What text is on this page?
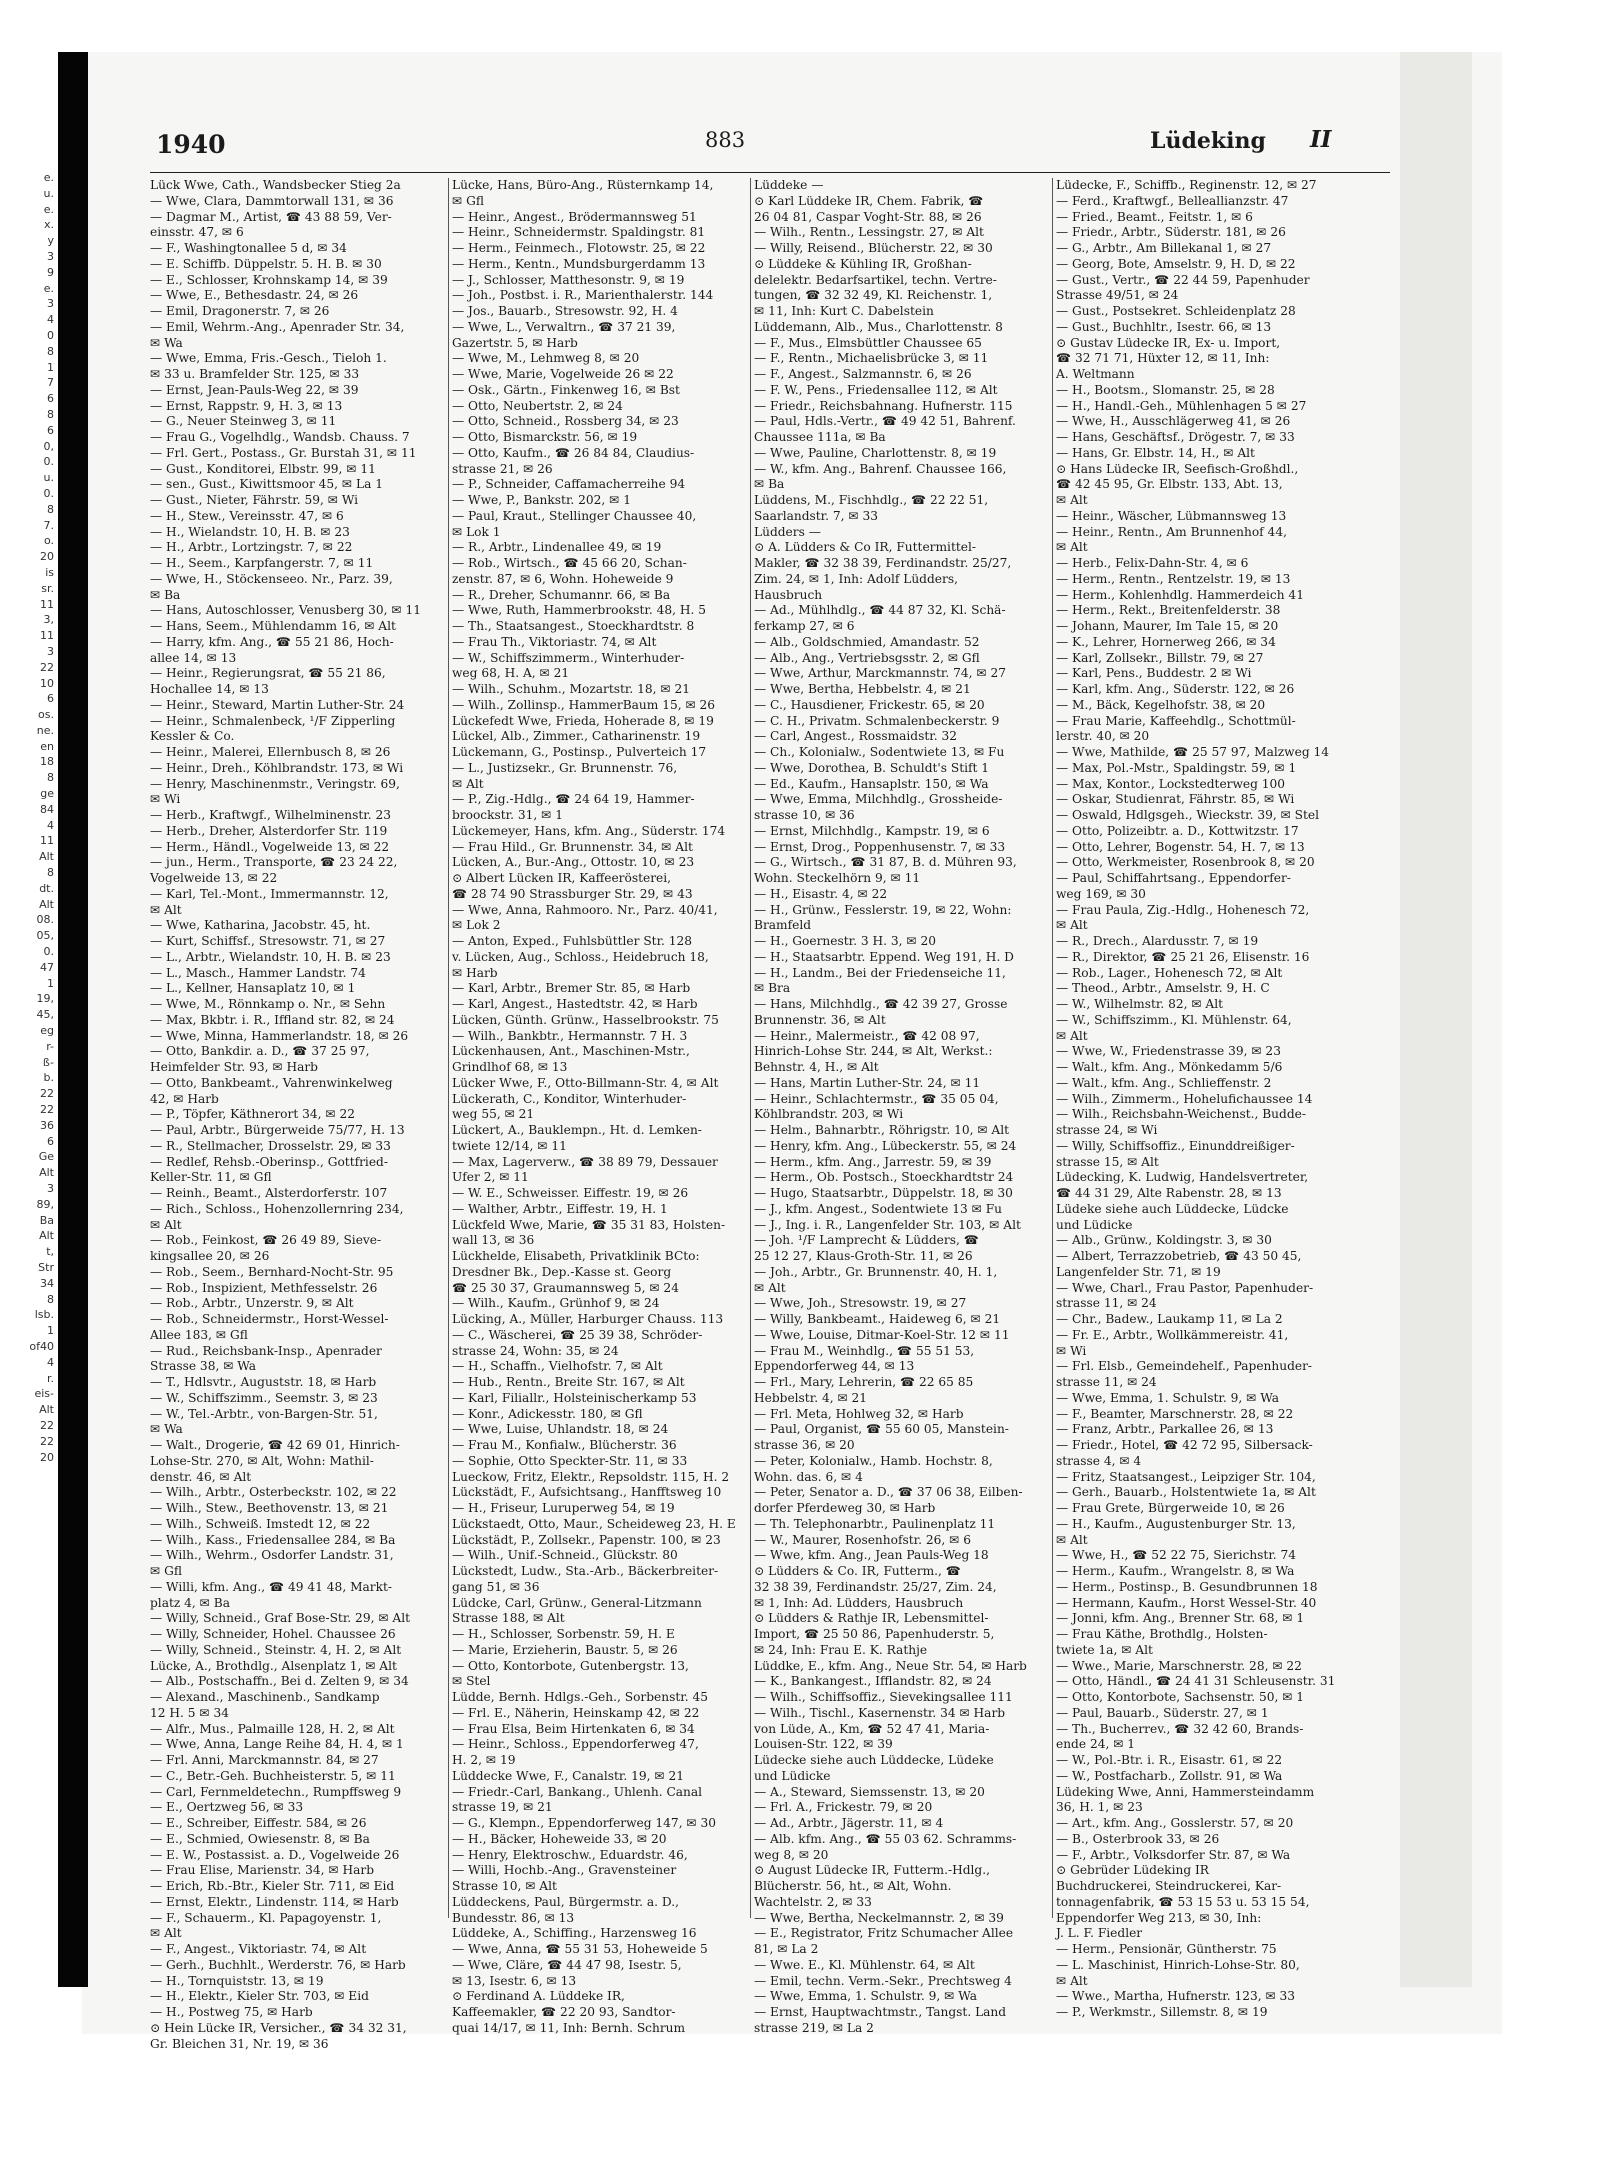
e.
u.
e.
x.
y
3
9
e.
3
4
0
8
1
7
6
8
6
0,
0.
u.
0.
8
7.
o.
20
is
sr.
11
3,
11
3
22
10
6
os.
ne.
en
18
8
ge
84
4
11
Alt
8
dt.
Alt
08.
05,
0.
47
1
19,
45,
eg
r-
ß-
b.
22
22
36
6
Ge
Alt
3
89,
Ba
Alt
t,
Str
34
8
lsb.
1
of40
4
r.
eis-
Alt
22
22
20
1940	883	Lüdeking II
Lück Wwe, Cath., Wandsbecker Stieg 2a
— Wwe, Clara, Dammtorwall 131, ✉ 36
— Dagmar M., Artist, ☎ 43 88 59, Ver-
einsstr. 47, ✉ 6
— F., Washingtonallee 5 d, ✉ 34
— E. Schiffb. Düppelstr. 5. H. B. ✉ 30
— E., Schlosser, Krohnskamp 14, ✉ 39
— Wwe, E., Bethesdastr. 24, ✉ 26
— Emil, Dragonerstr. 7, ✉ 26
— Emil, Wehrm.-Ang., Apenrader Str. 34,
✉ Wa
— Wwe, Emma, Fris.-Gesch., Tieloh 1.
✉ 33 u. Bramfelder Str. 125, ✉ 33
— Ernst, Jean-Pauls-Weg 22, ✉ 39
— Ernst, Rappstr. 9, H. 3, ✉ 13
— G., Neuer Steinweg 3, ✉ 11
— Frau G., Vogelhdlg., Wandsb. Chauss. 7
— Frl. Gert., Postass., Gr. Burstah 31, ✉ 11
— Gust., Konditorei, Elbstr. 99, ✉ 11
— sen., Gust., Kiwittsmoor 45, ✉ La 1
— Gust., Nieter, Fährstr. 59, ✉ Wi
— H., Stew., Vereinsstr. 47, ✉ 6
— H., Wielandstr. 10, H. B. ✉ 23
— H., Arbtr., Lortzingstr. 7, ✉ 22
— H., Seem., Karpfangerstr. 7, ✉ 11
— Wwe, H., Stöckenseeo. Nr., Parz. 39,
✉ Ba
— Hans, Autoschlosser, Venusberg 30, ✉ 11
— Hans, Seem., Mühlendamm 16, ✉ Alt
— Harry, kfm. Ang., ☎ 55 21 86, Hoch-
allee 14, ✉ 13
— Heinr., Regierungsrat, ☎ 55 21 86,
Hochallee 14, ✉ 13
— Heinr., Steward, Martin Luther-Str. 24
— Heinr., Schmalenbeck, ¹/F Zipperling
Kessler & Co.
— Heinr., Malerei, Ellernbusch 8, ✉ 26
— Heinr., Dreh., Köhlbrandstr. 173, ✉ Wi
— Henry, Maschinenmstr., Veringstr. 69,
✉ Wi
— Herb., Kraftwgf., Wilhelminenstr. 23
— Herb., Dreher, Alsterdorfer Str. 119
— Herm., Händl., Vogelweide 13, ✉ 22
— jun., Herm., Transporte, ☎ 23 24 22,
Vogelweide 13, ✉ 22
— Karl, Tel.-Mont., Immermannstr. 12,
✉ Alt
— Wwe, Katharina, Jacobstr. 45, ht.
— Kurt, Schiffsf., Stresowstr. 71, ✉ 27
— L., Arbtr., Wielandstr. 10, H. B. ✉ 23
— L., Masch., Hammer Landstr. 74
— L., Kellner, Hansaplatz 10, ✉ 1
— Wwe, M., Rönnkamp o. Nr., ✉ Sehn
— Max, Bkbtr. i. R., Iffland str. 82, ✉ 24
— Wwe, Minna, Hammerlandstr. 18, ✉ 26
— Otto, Bankdir. a. D., ☎ 37 25 97,
Heimfelder Str. 93, ✉ Harb
— Otto, Bankbeamt., Vahrenwinkelweg
42, ✉ Harb
— P., Töpfer, Käthnerort 34, ✉ 22
— Paul, Arbtr., Bürgerweide 75/77, H. 13
— R., Stellmacher, Drosselstr. 29, ✉ 33
— Redlef, Rehsb.-Oberinsp., Gottfried-
Keller-Str. 11, ✉ Gfl
— Reinh., Beamt., Alsterdorferstr. 107
— Rich., Schloss., Hohenzollernring 234,
✉ Alt
— Rob., Feinkost, ☎ 26 49 89, Sieve-
kingsallee 20, ✉ 26
— Rob., Seem., Bernhard-Nocht-Str. 95
— Rob., Inspizient, Methfesselstr. 26
— Rob., Arbtr., Unzerstr. 9, ✉ Alt
— Rob., Schneidermstr., Horst-Wessel-
Allee 183, ✉ Gfl
— Rud., Reichsbank-Insp., Apenrader
Strasse 38, ✉ Wa
— T., Hdlsvtr., Auguststr. 18, ✉ Harb
— W., Schiffszimm., Seemstr. 3, ✉ 23
— W., Tel.-Arbtr., von-Bargen-Str. 51,
✉ Wa
— Walt., Drogerie, ☎ 42 69 01, Hinrich-
Lohse-Str. 270, ✉ Alt, Wohn: Mathil-
denstr. 46, ✉ Alt
— Wilh., Arbtr., Osterbeckstr. 102, ✉ 22
— Wilh., Stew., Beethovenstr. 13, ✉ 21
— Wilh., Schweiß. Imstedt 12, ✉ 22
— Wilh., Kass., Friedensallee 284, ✉ Ba
— Wilh., Wehrm., Osdorfer Landstr. 31,
✉ Gfl
— Willi, kfm. Ang., ☎ 49 41 48, Markt-
platz 4, ✉ Ba
— Willy, Schneid., Graf Bose-Str. 29, ✉ Alt
— Willy, Schneider, Hohel. Chaussee 26
— Willy, Schneid., Steinstr. 4, H. 2, ✉ Alt
Lücke, A., Brothdlg., Alsenplatz 1, ✉ Alt
— Alb., Postschaffn., Bei d. Zelten 9, ✉ 34
— Alexand., Maschinenb., Sandkamp
12 H. 5 ✉ 34
— Alfr., Mus., Palmaille 128, H. 2, ✉ Alt
— Wwe, Anna, Lange Reihe 84, H. 4, ✉ 1
— Frl. Anni, Marckmannstr. 84, ✉ 27
— C., Betr.-Geh. Buchheisterstr. 5, ✉ 11
— Carl, Fernmeldetechn., Rumpffsweg 9
— E., Oertzweg 56, ✉ 33
— E., Schreiber, Eiffestr. 584, ✉ 26
— E., Schmied, Owiesenstr. 8, ✉ Ba
— E. W., Postassist. a. D., Vogelweide 26
— Frau Elise, Marienstr. 34, ✉ Harb
— Erich, Rb.-Btr., Kieler Str. 711, ✉ Eid
— Ernst, Elektr., Lindenstr. 114, ✉ Harb
— F., Schauerm., Kl. Papagoyenstr. 1,
✉ Alt
— F., Angest., Viktoriastr. 74, ✉ Alt
— Gerh., Buchhlt., Werderstr. 76, ✉ Harb
— H., Tornquiststr. 13, ✉ 19
— H., Elektr., Kieler Str. 703, ✉ Eid
— H., Postweg 75, ✉ Harb
⊙ Hein Lücke IR, Versicher., ☎ 34 32 31,
Gr. Bleichen 31, Nr. 19, ✉ 36
Lücke, Hans, Büro-Ang., Rüsternkamp 14,
✉ Gfl
— Heinr., Angest., Brödermannsweg 51
— Heinr., Schneidermstr. Spaldingstr. 81
— Herm., Feinmech., Flotowstr. 25, ✉ 22
— Herm., Kentn., Mundsburgerdamm 13
— J., Schlosser, Matthesonstr. 9, ✉ 19
— Joh., Postbst. i. R., Marienthalerstr. 144
— Jos., Bauarb., Stresowstr. 92, H. 4
— Wwe, L., Verwaltrn., ☎ 37 21 39,
Gazertstr. 5, ✉ Harb
— Wwe, M., Lehmweg 8, ✉ 20
— Wwe, Marie, Vogelweide 26 ✉ 22
— Osk., Gärtn., Finkenweg 16, ✉ Bst
— Otto, Neubertstr. 2, ✉ 24
— Otto, Schneid., Rossberg 34, ✉ 23
— Otto, Bismarckstr. 56, ✉ 19
— Otto, Kaufm., ☎ 26 84 84, Claudius-
strasse 21, ✉ 26
— P., Schneider, Caffamacherreihe 94
— Wwe, P., Bankstr. 202, ✉ 1
— Paul, Kraut., Stellinger Chaussee 40,
✉ Lok 1
— R., Arbtr., Lindenallee 49, ✉ 19
— Rob., Wirtsch., ☎ 45 66 20, Schan-
zenstr. 87, ✉ 6, Wohn. Hoheweide 9
— R., Dreher, Schumannr. 66, ✉ Ba
— Wwe, Ruth, Hammerbrookstr. 48, H. 5
— Th., Staatsangest., Stoeckhardtstr. 8
— Frau Th., Viktoriastr. 74, ✉ Alt
— W., Schiffszimmerm., Winterhuder-
weg 68, H. A, ✉ 21
— Wilh., Schuhm., Mozartstr. 18, ✉ 21
— Wilh., Zollinsp., HammerBaum 15, ✉ 26
Lückefedt Wwe, Frieda, Hoherade 8, ✉ 19
Lückel, Alb., Zimmer., Catharinenstr. 19
Lückemann, G., Postinsp., Pulverteich 17
— L., Justizsekr., Gr. Brunnenstr. 76,
✉ Alt
— P., Zig.-Hdlg., ☎ 24 64 19, Hammer-
broockstr. 31, ✉ 1
Lückemeyer, Hans, kfm. Ang., Süderstr. 174
— Frau Hild., Gr. Brunnenstr. 34, ✉ Alt
Lücken, A., Bur.-Ang., Ottostr. 10, ✉ 23
⊙ Albert Lücken IR, Kaffeerösterei,
☎ 28 74 90 Strassburger Str. 29, ✉ 43
— Wwe, Anna, Rahmooro. Nr., Parz. 40/41,
✉ Lok 2
— Anton, Exped., Fuhlsbüttler Str. 128
v. Lücken, Aug., Schloss., Heidebruch 18,
✉ Harb
— Karl, Arbtr., Bremer Str. 85, ✉ Harb
— Karl, Angest., Hastedtstr. 42, ✉ Harb
Lücken, Günth. Grünw., Hasselbrookstr. 75
— Wilh., Bankbtr., Hermannstr. 7 H. 3
Lückenhausen, Ant., Maschinen-Mstr.,
Grindlhof 68, ✉ 13
Lücker Wwe, F., Otto-Billmann-Str. 4, ✉ Alt
Lückerath, C., Konditor, Winterhuder-
weg 55, ✉ 21
Lückert, A., Bauklempn., Ht. d. Lemken-
twiete 12/14, ✉ 11
— Max, Lagerverw., ☎ 38 89 79, Dessauer
Ufer 2, ✉ 11
— W. E., Schweisser. Eiffestr. 19, ✉ 26
— Walther, Arbtr., Eiffestr. 19, H. 1
Lückfeld Wwe, Marie, ☎ 35 31 83, Holsten-
wall 13, ✉ 36
Lückhelde, Elisabeth, Privatklinik BCto:
Dresdner Bk., Dep.-Kasse st. Georg
☎ 25 30 37, Graumannsweg 5, ✉ 24
— Wilh., Kaufm., Grünhof 9, ✉ 24
Lücking, A., Müller, Harburger Chauss. 113
— C., Wäscherei, ☎ 25 39 38, Schröder-
strasse 24, Wohn: 35, ✉ 24
— H., Schaffn., Vielhofstr. 7, ✉ Alt
— Hub., Rentn., Breite Str. 167, ✉ Alt
— Karl, Filiallr., Holsteinischerkamp 53
— Konr., Adickesstr. 180, ✉ Gfl
— Wwe, Luise, Uhlandstr. 18, ✉ 24
— Frau M., Konfialw., Blücherstr. 36
— Sophie, Otto Speckter-Str. 11, ✉ 33
Lueckow, Fritz, Elektr., Repsoldstr. 115, H. 2
Lückstädt, F., Aufsichtsang., Hanfftsweg 10
— H., Friseur, Luruperweg 54, ✉ 19
Lückstaedt, Otto, Maur., Scheideweg 23, H. E
Lückstädt, P., Zollsekr., Papenstr. 100, ✉ 23
— Wilh., Unif.-Schneid., Glückstr. 80
Lückstedt, Ludw., Sta.-Arb., Bäckerbreiter-
gang 51, ✉ 36
Lüdcke, Carl, Grünw., General-Litzmann
Strasse 188, ✉ Alt
— H., Schlosser, Sorbenstr. 59, H. E
— Marie, Erzieherin, Baustr. 5, ✉ 26
— Otto, Kontorbote, Gutenbergstr. 13,
✉ Stel
Lüdde, Bernh. Hdlgs.-Geh., Sorbenstr. 45
— Frl. E., Näherin, Heinskamp 42, ✉ 22
— Frau Elsa, Beim Hirtenkaten 6, ✉ 34
— Heinr., Schloss., Eppendorferweg 47,
H. 2, ✉ 19
Lüddecke Wwe, F., Canalstr. 19, ✉ 21
— Friedr.-Carl, Bankang., Uhlenh. Canal
strasse 19, ✉ 21
— G., Klempn., Eppendorferweg 147, ✉ 30
— H., Bäcker, Hoheweide 33, ✉ 20
— Henry, Elektroschw., Eduardstr. 46,
— Willi, Hochb.-Ang., Gravensteiner
Strasse 10, ✉ Alt
Lüddeckens, Paul, Bürgermstr. a. D.,
Bundesstr. 86, ✉ 13
Lüddeke, A., Schiffing., Harzensweg 16
— Wwe, Anna, ☎ 55 31 53, Hoheweide 5
— Wwe, Cläre, ☎ 44 47 98, Isestr. 5,
✉ 13, Isestr. 6, ✉ 13
⊙ Ferdinand A. Lüddeke IR,
Kaffeemakler, ☎ 22 20 93, Sandtor-
quai 14/17, ✉ 11, Inh: Bernh. Schrum
Lüddeke —
⊙ Karl Lüddeke IR, Chem. Fabrik, ☎
26 04 81, Caspar Voght-Str. 88, ✉ 26
— Wilh., Rentn., Lessingstr. 27, ✉ Alt
— Willy, Reisend., Blücherstr. 22, ✉ 30
⊙ Lüddeke & Kühling IR, Großhan-
delelektr. Bedarfsartikel, techn. Vertre-
tungen, ☎ 32 32 49, Kl. Reichenstr. 1,
✉ 11, Inh: Kurt C. Dabelstein
Lüddemann, Alb., Mus., Charlottenstr. 8
— F., Mus., Elmsbüttler Chaussee 65
— F., Rentn., Michaelisbrücke 3, ✉ 11
— F., Angest., Salzmannstr. 6, ✉ 26
— F. W., Pens., Friedensallee 112, ✉ Alt
— Friedr., Reichsbahnang. Hufnerstr. 115
— Paul, Hdls.-Vertr., ☎ 49 42 51, Bahrenf.
Chaussee 111a, ✉ Ba
— Wwe, Pauline, Charlottenstr. 8, ✉ 19
— W., kfm. Ang., Bahrenf. Chaussee 166,
✉ Ba
Lüddens, M., Fischhdlg., ☎ 22 22 51,
Saarlandstr. 7, ✉ 33
Lüdders —
⊙ A. Lüdders & Co IR, Futtermittel-
Makler, ☎ 32 38 39, Ferdinandstr. 25/27,
Zim. 24, ✉ 1, Inh: Adolf Lüdders,
Hausbruch
— Ad., Mühlhdlg., ☎ 44 87 32, Kl. Schä-
ferkamp 27, ✉ 6
— Alb., Goldschmied, Amandastr. 52
— Alb., Ang., Vertriebsgsstr. 2, ✉ Gfl
— Wwe, Arthur, Marckmannstr. 74, ✉ 27
— Wwe, Bertha, Hebbelstr. 4, ✉ 21
— C., Hausdiener, Frickestr. 65, ✉ 20
— C. H., Privatm. Schmalenbeckerstr. 9
— Carl, Angest., Rossmaidstr. 32
— Ch., Kolonialw., Sodentwiete 13, ✉ Fu
— Wwe, Dorothea, B. Schuldt's Stift 1
— Ed., Kaufm., Hansaplstr. 150, ✉ Wa
— Wwe, Emma, Milchhdlg., Grossheide-
strasse 10, ✉ 36
— Ernst, Milchhdlg., Kampstr. 19, ✉ 6
— Ernst, Drog., Poppenhusenstr. 7, ✉ 33
— G., Wirtsch., ☎ 31 87, B. d. Mühren 93,
Wohn. Steckelhörn 9, ✉ 11
— H., Eisastr. 4, ✉ 22
— H., Grünw., Fesslerstr. 19, ✉ 22, Wohn:
Bramfeld
— H., Goernestr. 3 H. 3, ✉ 20
— H., Staatsarbtr. Eppend. Weg 191, H. D
— H., Landm., Bei der Friedenseiche 11,
✉ Bra
— Hans, Milchhdlg., ☎ 42 39 27, Grosse
Brunnenstr. 36, ✉ Alt
— Heinr., Malermeistr., ☎ 42 08 97,
Hinrich-Lohse Str. 244, ✉ Alt, Werkst.:
Behnstr. 4, H., ✉ Alt
— Hans, Martin Luther-Str. 24, ✉ 11
— Heinr., Schlachtermstr., ☎ 35 05 04,
Köhlbrandstr. 203, ✉ Wi
— Helm., Bahnarbtr., Röhrigstr. 10, ✉ Alt
— Henry, kfm. Ang., Lübeckerstr. 55, ✉ 24
— Herm., kfm. Ang., Jarrestr. 59, ✉ 39
— Herm., Ob. Postsch., Stoeckhardtstr 24
— Hugo, Staatsarbtr., Düppelstr. 18, ✉ 30
— J., kfm. Angest., Sodentwiete 13 ✉ Fu
— J., Ing. i. R., Langenfelder Str. 103, ✉ Alt
— Joh. ¹/F Lamprecht & Lüdders, ☎
25 12 27, Klaus-Groth-Str. 11, ✉ 26
— Joh., Arbtr., Gr. Brunnenstr. 40, H. 1,
✉ Alt
— Wwe, Joh., Stresowstr. 19, ✉ 27
— Willy, Bankbeamt., Haideweg 6, ✉ 21
— Wwe, Louise, Ditmar-Koel-Str. 12 ✉ 11
— Frau M., Weinhdlg., ☎ 55 51 53,
Eppendorferweg 44, ✉ 13
— Frl., Mary, Lehrerin, ☎ 22 65 85
Hebbelstr. 4, ✉ 21
— Frl. Meta, Hohlweg 32, ✉ Harb
— Paul, Organist, ☎ 55 60 05, Manstein-
strasse 36, ✉ 20
— Peter, Kolonialw., Hamb. Hochstr. 8,
Wohn. das. 6, ✉ 4
— Peter, Senator a. D., ☎ 37 06 38, Eilben-
dorfer Pferdeweg 30, ✉ Harb
— Th. Telephonarbtr., Paulinenplatz 11
— W., Maurer, Rosenhofstr. 26, ✉ 6
— Wwe, kfm. Ang., Jean Pauls-Weg 18
⊙ Lüdders & Co. IR, Futterm., ☎
32 38 39, Ferdinandstr. 25/27, Zim. 24,
✉ 1, Inh: Ad. Lüdders, Hausbruch
⊙ Lüdders & Rathje IR, Lebensmittel-
Import, ☎ 25 50 86, Papenhuderstr. 5,
✉ 24, Inh: Frau E. K. Rathje
Lüddke, E., kfm. Ang., Neue Str. 54, ✉ Harb
— K., Bankangest., Ifflandstr. 82, ✉ 24
— Wilh., Schiffsoffiz., Sievekingsallee 111
— Wilh., Tischl., Kasernenstr. 34 ✉ Harb
von Lüde, A., Km, ☎ 52 47 41, Maria-
Louisen-Str. 122, ✉ 39
Lüdecke siehe auch Lüddecke, Lüdeke
und Lüdicke
— A., Steward, Siemssenstr. 13, ✉ 20
— Frl. A., Frickestr. 79, ✉ 20
— Ad., Arbtr., Jägerstr. 11, ✉ 4
— Alb. kfm. Ang., ☎ 55 03 62. Schramms-
weg 8, ✉ 20
⊙ August Lüdecke IR, Futterm.-Hdlg.,
Blücherstr. 56, ht., ✉ Alt, Wohn.
Wachtelstr. 2, ✉ 33
— Wwe, Bertha, Neckelmannstr. 2, ✉ 39
— E., Registrator, Fritz Schumacher Allee
81, ✉ La 2
— Wwe. E., Kl. Mühlenstr. 64, ✉ Alt
— Emil, techn. Verm.-Sekr., Prechtsweg 4
— Wwe, Emma, 1. Schulstr. 9, ✉ Wa
— Ernst, Hauptwachtmstr., Tangst. Land
strasse 219, ✉ La 2
Lüdecke, F., Schiffb., Reginenstr. 12, ✉ 27
— Ferd., Kraftwgf., Belleallianzstr. 47
— Fried., Beamt., Feitstr. 1, ✉ 6
— Friedr., Arbtr., Süderstr. 181, ✉ 26
— G., Arbtr., Am Billekanal 1, ✉ 27
— Georg, Bote, Amselstr. 9, H. D, ✉ 22
— Gust., Vertr., ☎ 22 44 59, Papenhuder
Strasse 49/51, ✉ 24
— Gust., Postsekret. Schleidenplatz 28
— Gust., Buchhltr., Isestr. 66, ✉ 13
⊙ Gustav Lüdecke IR, Ex- u. Import,
☎ 32 71 71, Hüxter 12, ✉ 11, Inh:
A. Weltmann
— H., Bootsm., Slomanstr. 25, ✉ 28
— H., Handl.-Geh., Mühlenhagen 5 ✉ 27
— Wwe, H., Ausschlägerweg 41, ✉ 26
— Hans, Geschäftsf., Drögestr. 7, ✉ 33
— Hans, Gr. Elbstr. 14, H., ✉ Alt
⊙ Hans Lüdecke IR, Seefisch-Großhdl.,
☎ 42 45 95, Gr. Elbstr. 133, Abt. 13,
✉ Alt
— Heinr., Wäscher, Lübmannsweg 13
— Heinr., Rentn., Am Brunnenhof 44,
✉ Alt
— Herb., Felix-Dahn-Str. 4, ✉ 6
— Herm., Rentn., Rentzelstr. 19, ✉ 13
— Herm., Kohlenhdlg. Hammerdeich 41
— Herm., Rekt., Breitenfelderstr. 38
— Johann, Maurer, Im Tale 15, ✉ 20
— K., Lehrer, Hornerweg 266, ✉ 34
— Karl, Zollsekr., Billstr. 79, ✉ 27
— Karl, Pens., Buddestr. 2 ✉ Wi
— Karl, kfm. Ang., Süderstr. 122, ✉ 26
— M., Bäck, Kegelhofstr. 38, ✉ 20
— Frau Marie, Kaffeehdlg., Schottmül-
lerstr. 40, ✉ 20
— Wwe, Mathilde, ☎ 25 57 97, Malzweg 14
— Max, Pol.-Mstr., Spaldingstr. 59, ✉ 1
— Max, Kontor., Lockstedterweg 100
— Oskar, Studienrat, Fährstr. 85, ✉ Wi
— Oswald, Hdlgsgeh., Wieckstr. 39, ✉ Stel
— Otto, Polizeibtr. a. D., Kottwitzstr. 17
— Otto, Lehrer, Bogenstr. 54, H. 7, ✉ 13
— Otto, Werkmeister, Rosenbrook 8, ✉ 20
— Paul, Schiffahrtsang., Eppendorfer-
weg 169, ✉ 30
— Frau Paula, Zig.-Hdlg., Hohenesch 72,
✉ Alt
— R., Drech., Alardusstr. 7, ✉ 19
— R., Direktor, ☎ 25 21 26, Elisenstr. 16
— Rob., Lager., Hohenesch 72, ✉ Alt
— Theod., Arbtr., Amselstr. 9, H. C
— W., Wilhelmstr. 82, ✉ Alt
— W., Schiffszimm., Kl. Mühlenstr. 64,
✉ Alt
— Wwe, W., Friedenstrasse 39, ✉ 23
— Walt., kfm. Ang., Mönkedamm 5/6
— Walt., kfm. Ang., Schlieffenstr. 2
— Wilh., Zimmerm., Hohelufichaussee 14
— Wilh., Reichsbahn-Weichenst., Budde-
strasse 24, ✉ Wi
— Willy, Schiffsoffiz., Einunddreißiger-
strasse 15, ✉ Alt
Lüdecking, K. Ludwig, Handelsvertreter,
☎ 44 31 29, Alte Rabenstr. 28, ✉ 13
Lüdeke siehe auch Lüddecke, Lüdcke
und Lüdicke
— Alb., Grünw., Koldingstr. 3, ✉ 30
— Albert, Terrazzobetrieb, ☎ 43 50 45,
Langenfelder Str. 71, ✉ 19
— Wwe, Charl., Frau Pastor, Papenhuder-
strasse 11, ✉ 24
— Chr., Badew., Laukamp 11, ✉ La 2
— Fr. E., Arbtr., Wollkämmereistr. 41,
✉ Wi
— Frl. Elsb., Gemeindehelf., Papenhuder-
strasse 11, ✉ 24
— Wwe, Emma, 1. Schulstr. 9, ✉ Wa
— F., Beamter, Marschnerstr. 28, ✉ 22
— Franz, Arbtr., Parkallee 26, ✉ 13
— Friedr., Hotel, ☎ 42 72 95, Silbersack-
strasse 4, ✉ 4
— Fritz, Staatsangest., Leipziger Str. 104,
— Gerh., Bauarb., Holstentwiete 1a, ✉ Alt
— Frau Grete, Bürgerweide 10, ✉ 26
— H., Kaufm., Augustenburger Str. 13,
✉ Alt
— Wwe, H., ☎ 52 22 75, Sierichstr. 74
— Herm., Kaufm., Wrangelstr. 8, ✉ Wa
— Herm., Postinsp., B. Gesundbrunnen 18
— Hermann, Kaufm., Horst Wessel-Str. 40
— Jonni, kfm. Ang., Brenner Str. 68, ✉ 1
— Frau Käthe, Brothdlg., Holsten-
twiete 1a, ✉ Alt
— Wwe., Marie, Marschnerstr. 28, ✉ 22
— Otto, Händl., ☎ 24 41 31 Schleusenstr. 31
— Otto, Kontorbote, Sachsenstr. 50, ✉ 1
— Paul, Bauarb., Süderstr. 27, ✉ 1
— Th., Bucherrev., ☎ 32 42 60, Brands-
ende 24, ✉ 1
— W., Pol.-Btr. i. R., Eisastr. 61, ✉ 22
— W., Postfacharb., Zollstr. 91, ✉ Wa
Lüdeking Wwe, Anni, Hammersteindamm
36, H. 1, ✉ 23
— Art., kfm. Ang., Gosslerstr. 57, ✉ 20
— B., Osterbrook 33, ✉ 26
— F., Arbtr., Volksdorfer Str. 87, ✉ Wa
⊙ Gebrüder Lüdeking IR
Buchdruckerei, Steindruckerei, Kar-
tonnagenfabrik, ☎ 53 15 53 u. 53 15 54,
Eppendorfer Weg 213, ✉ 30, Inh:
J. L. F. Fiedler
— Herm., Pensionär, Güntherstr. 75
— L. Maschinist, Hinrich-Lohse-Str. 80,
✉ Alt
— Wwe., Martha, Hufnerstr. 123, ✉ 33
— P., Werkmstr., Sillemstr. 8, ✉ 19
